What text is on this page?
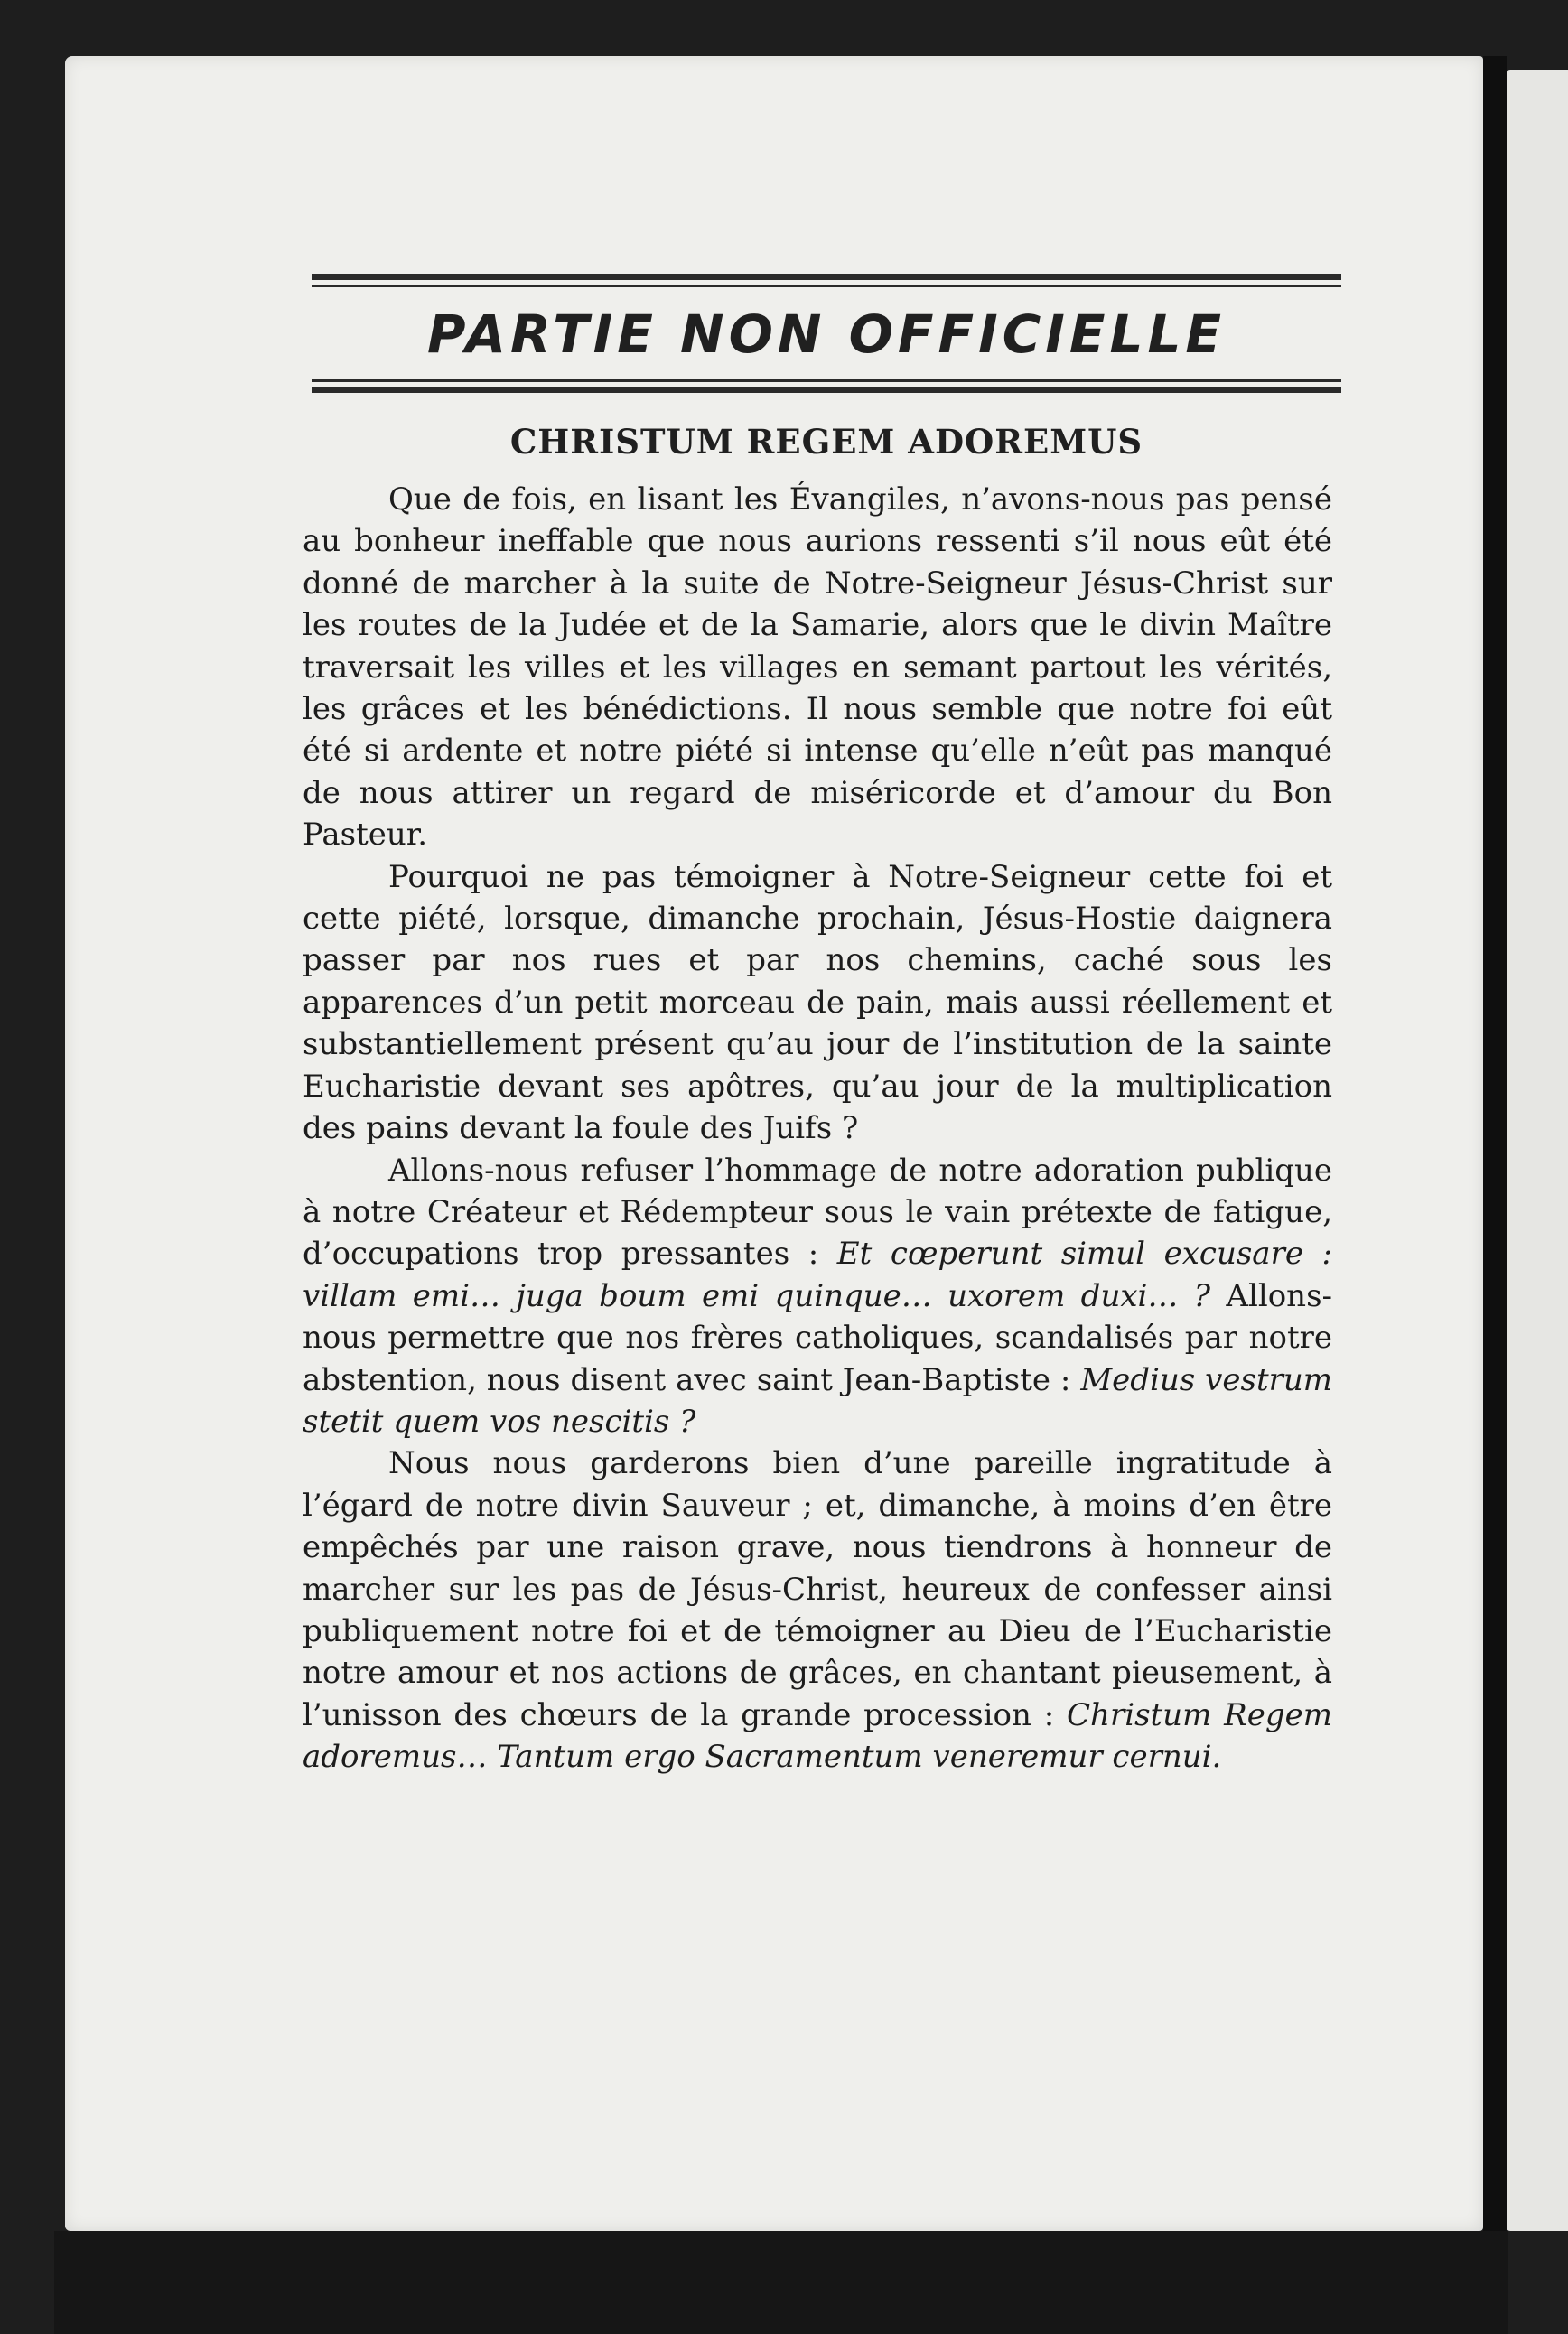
PARTIE NON OFFICIELLE
CHRISTUM REGEM ADOREMUS

Que de fois, en lisant les Évangiles, n’avons-nous pas pensé au bonheur ineffable que nous aurions ressenti s’il nous eût été donné de marcher à la suite de Notre-Seigneur Jésus-Christ sur les routes de la Judée et de la Samarie, alors que le divin Maître traversait les villes et les villages en semant partout les vérités, les grâces et les bénédictions. Il nous semble que notre foi eût été si ardente et notre piété si intense qu’elle n’eût pas manqué de nous attirer un regard de miséricorde et d’amour du Bon Pasteur.

Pourquoi ne pas témoigner à Notre-Seigneur cette foi et cette piété, lorsque, dimanche prochain, Jésus-Hostie daignera passer par nos rues et par nos chemins, caché sous les apparences d’un petit morceau de pain, mais aussi réellement et substantiellement présent qu’au jour de l’institution de la sainte Eucharistie devant ses apôtres, qu’au jour de la multiplication des pains devant la foule des Juifs ?

Allons-nous refuser l’hommage de notre adoration publique à notre Créateur et Rédempteur sous le vain prétexte de fatigue, d’occupations trop pressantes : Et cœperunt simul excusare : villam emi… juga boum emi quinque… uxorem duxi… ? Allons-nous permettre que nos frères catholiques, scandalisés par notre abstention, nous disent avec saint Jean-Baptiste : Medius vestrum stetit quem vos nescitis ?

Nous nous garderons bien d’une pareille ingratitude à l’égard de notre divin Sauveur ; et, dimanche, à moins d’en être empêchés par une raison grave, nous tiendrons à honneur de marcher sur les pas de Jésus-Christ, heureux de confesser ainsi publiquement notre foi et de témoigner au Dieu de l’Eucharistie notre amour et nos actions de grâces, en chantant pieusement, à l’unisson des chœurs de la grande procession : Christum Regem adoremus… Tantum ergo Sacramentum veneremur cernui.
